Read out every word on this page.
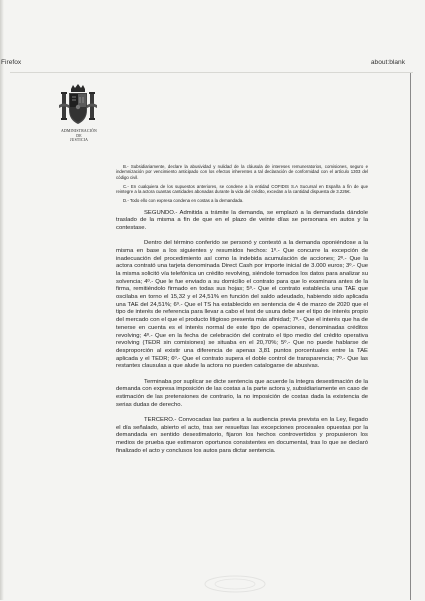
Firefox	about:blank
ADMINISTRACIÓN
DE
JUSTICIA

B.- Subsidiariamente, declare la abusividad y nulidad de la cláusula de intereses remuneratorios, comisiones, seguro e indemnización por vencimiento anticipado con los efectos inherentes a tal declaración de conformidad con el artículo 1303 del código civil.

C.- En cualquiera de los supuestos anteriores, se condene a la entidad COFIDIS S.A Sucursal en España a fin de que reintegre a la actora cuantas cantidades abonadas durante la vida del crédito, excedan a la cantidad dispuesta de 3.226€.

D.- Todo ello con expresa condena en costas a la demandada.

SEGUNDO.- Admitida a trámite la demanda, se emplazó a la demandada dándole traslado de la misma a fin de que en el plazo de veinte días se personara en autos y la contestase.

Dentro del término conferido se personó y contestó a la demanda oponiéndose a la misma en base a los siguientes y resumidos hechos: 1º.- Que concurre la excepción de inadecuación del procedimiento así como la indebida acumulación de acciones; 2º.- Que la actora contrató una tarjeta denominada Direct Cash por importe inicial de 3.000 euros; 3º.- Que la misma solicitó vía telefónica un crédito revolving, siéndole tomados los datos para analizar su solvencia; 4º.- Que le fue enviado a su domicilio el contrato para que lo examinara antes de la firma, remitiéndolo firmado en todas sus hojas; 5º.- Que el contrato establecía una TAE que oscilaba en torno el 15,32 y el 24,51% en función del saldo adeudado, habiendo sido aplicada una TAE del 24,51%; 6º.- Que el TS ha establecido en sentencia de 4 de marzo de 2020 que el tipo de interés de referencia para llevar a cabo el test de usura debe ser el tipo de interés propio del mercado con el que el producto litigioso presenta más afinidad; 7º.- Que el interés que ha de tenerse en cuenta es el interés normal de este tipo de operaciones, denominadas créditos revolving; 4º.- Que en la fecha de celebración del contrato el tipo medio del crédito operativa revolving (TEDR sin comisiones) se situaba en el 20,70%; 5º.- Que no puede hablarse de desproporción al existir una diferencia de apenas 3,81 puntos porcentuales entre la TAE aplicada y el TEDR; 6º.- Que el contrato supera el doble control de transparencia; 7º.- Que las restantes clausulas a que alude la actora no pueden catalogarse de abusivas.

Terminaba por suplicar se dicte sentencia que acuerde la íntegra desestimación de la demanda con expresa imposición de las costas a la parte actora y, subsidiariamente en caso de estimación de las pretensiones de contrario, la no imposición de costas dada la existencia de serias dudas de derecho.

TERCERO.- Convocadas las partes a la audiencia previa prevista en la Ley, llegado el día señalado, abierto el acto, tras ser resueltas las excepciones procesales opuestas por la demandada en sentido desestimatorio, fijaron los hechos controvertidos y propusieron los medios de prueba que estimaron oportunos consistentes en documental, tras lo que se declaró finalizado el acto y conclusos los autos para dictar sentencia.
